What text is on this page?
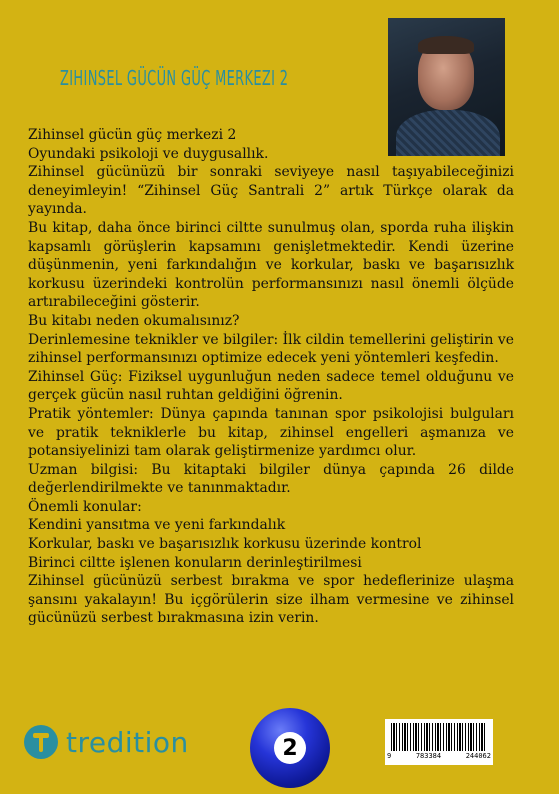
ZIHINSEL GÜCÜN GÜÇ MERKEZI 2

Zihinsel gücün güç merkezi 2

Oyundaki psikoloji ve duygusallık.

Zihinsel gücünüzü bir sonraki seviyeye nasıl taşıyabileceğinizi deneyimleyin! “Zihinsel Güç Santrali 2” artık Türkçe olarak da yayında.

Bu kitap, daha önce birinci ciltte sunulmuş olan, sporda ruha ilişkin kapsamlı görüşlerin kapsamını genişletmektedir. Kendi üzerine düşünmenin, yeni farkındalığın ve korkular, baskı ve başarısızlık korkusu üzerindeki kontrolün performansınızı nasıl önemli ölçüde artırabileceğini gösterir.

Bu kitabı neden okumalısınız?

Derinlemesine teknikler ve bilgiler: İlk cildin temellerini geliştirin ve zihinsel performansınızı optimize edecek yeni yöntemleri keşfedin.

Zihinsel Güç: Fiziksel uygunluğun neden sadece temel olduğunu ve gerçek gücün nasıl ruhtan geldiğini öğrenin.

Pratik yöntemler: Dünya çapında tanınan spor psikolojisi bulguları ve pratik tekniklerle bu kitap, zihinsel engelleri aşmanıza ve potansiyelinizi tam olarak geliştirmenize yardımcı olur.

Uzman bilgisi: Bu kitaptaki bilgiler dünya çapında 26 dilde değerlendirilmekte ve tanınmaktadır.

Önemli konular:

Kendini yansıtma ve yeni farkındalık

Korkular, baskı ve başarısızlık korkusu üzerinde kontrol

Birinci ciltte işlenen konuların derinleştirilmesi

Zihinsel gücünüzü serbest bırakma ve spor hedeflerinize ulaşma şansını yakalayın! Bu içgörülerin size ilham vermesine ve zihinsel gücünüzü serbest bırakmasına izin verin.

tredition	2	9	783384	244062
